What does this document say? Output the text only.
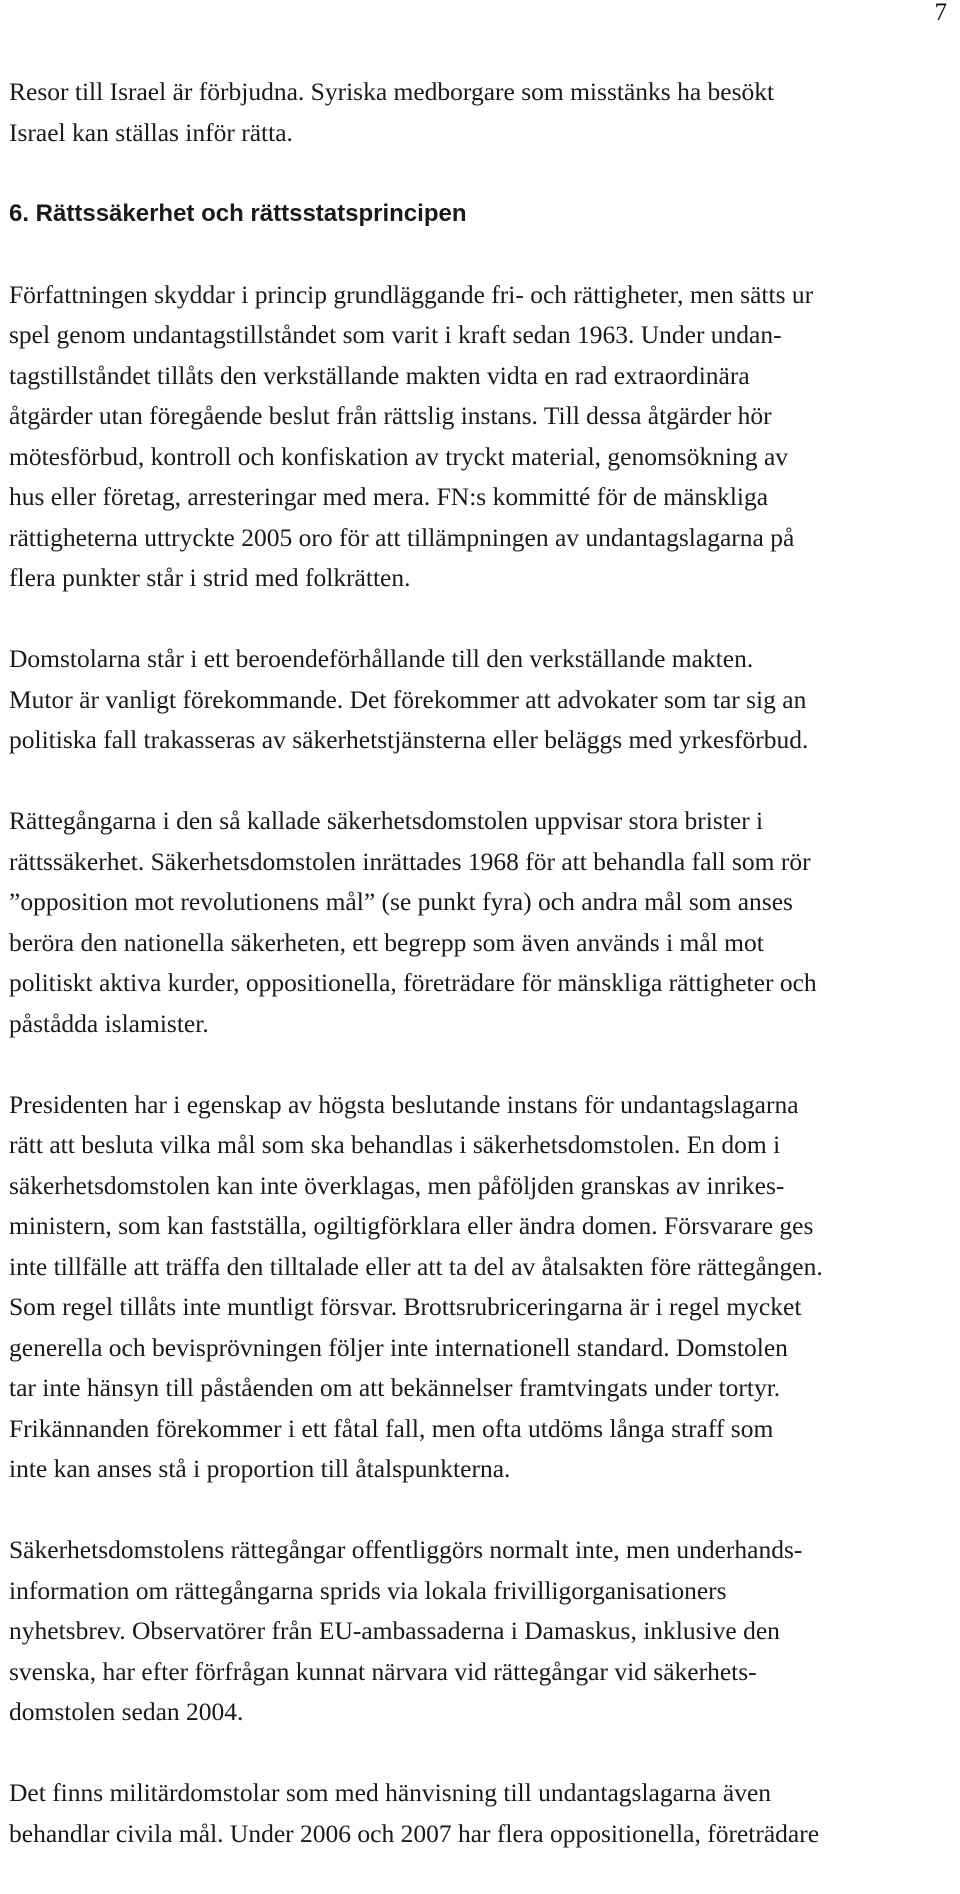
7

Resor till Israel är förbjudna. Syriska medborgare som misstänks ha besökt
Israel kan ställas inför rätta.

6. Rättssäkerhet och rättsstatsprincipen

Författningen skyddar i princip grundläggande fri- och rättigheter, men sätts ur
spel genom undantagstillståndet som varit i kraft sedan 1963. Under undan-
tagstillståndet tillåts den verkställande makten vidta en rad extraordinära
åtgärder utan föregående beslut från rättslig instans. Till dessa åtgärder hör
mötesförbud, kontroll och konfiskation av tryckt material, genomsökning av
hus eller företag, arresteringar med mera. FN:s kommitté för de mänskliga
rättigheterna uttryckte 2005 oro för att tillämpningen av undantagslagarna på
flera punkter står i strid med folkrätten.

Domstolarna står i ett beroendeförhållande till den verkställande makten.
Mutor är vanligt förekommande. Det förekommer att advokater som tar sig an
politiska fall trakasseras av säkerhetstjänsterna eller beläggs med yrkesförbud.

Rättegångarna i den så kallade säkerhetsdomstolen uppvisar stora brister i
rättssäkerhet. Säkerhetsdomstolen inrättades 1968 för att behandla fall som rör
”opposition mot revolutionens mål” (se punkt fyra) och andra mål som anses
beröra den nationella säkerheten, ett begrepp som även används i mål mot
politiskt aktiva kurder, oppositionella, företrädare för mänskliga rättigheter och
påstådda islamister.

Presidenten har i egenskap av högsta beslutande instans för undantagslagarna
rätt att besluta vilka mål som ska behandlas i säkerhetsdomstolen. En dom i
säkerhetsdomstolen kan inte överklagas, men påföljden granskas av inrikes-
ministern, som kan fastställa, ogiltigförklara eller ändra domen. Försvarare ges
inte tillfälle att träffa den tilltalade eller att ta del av åtalsakten före rättegången.
Som regel tillåts inte muntligt försvar. Brottsrubriceringarna är i regel mycket
generella och bevisprövningen följer inte internationell standard. Domstolen
tar inte hänsyn till påståenden om att bekännelser framtvingats under tortyr.
Frikännanden förekommer i ett fåtal fall, men ofta utdöms långa straff som
inte kan anses stå i proportion till åtalspunkterna.

Säkerhetsdomstolens rättegångar offentliggörs normalt inte, men underhands-
information om rättegångarna sprids via lokala frivilligorganisationers
nyhetsbrev. Observatörer från EU-ambassaderna i Damaskus, inklusive den
svenska, har efter förfrågan kunnat närvara vid rättegångar vid säkerhets-
domstolen sedan 2004.

Det finns militärdomstolar som med hänvisning till undantagslagarna även
behandlar civila mål. Under 2006 och 2007 har flera oppositionella, företrädare
